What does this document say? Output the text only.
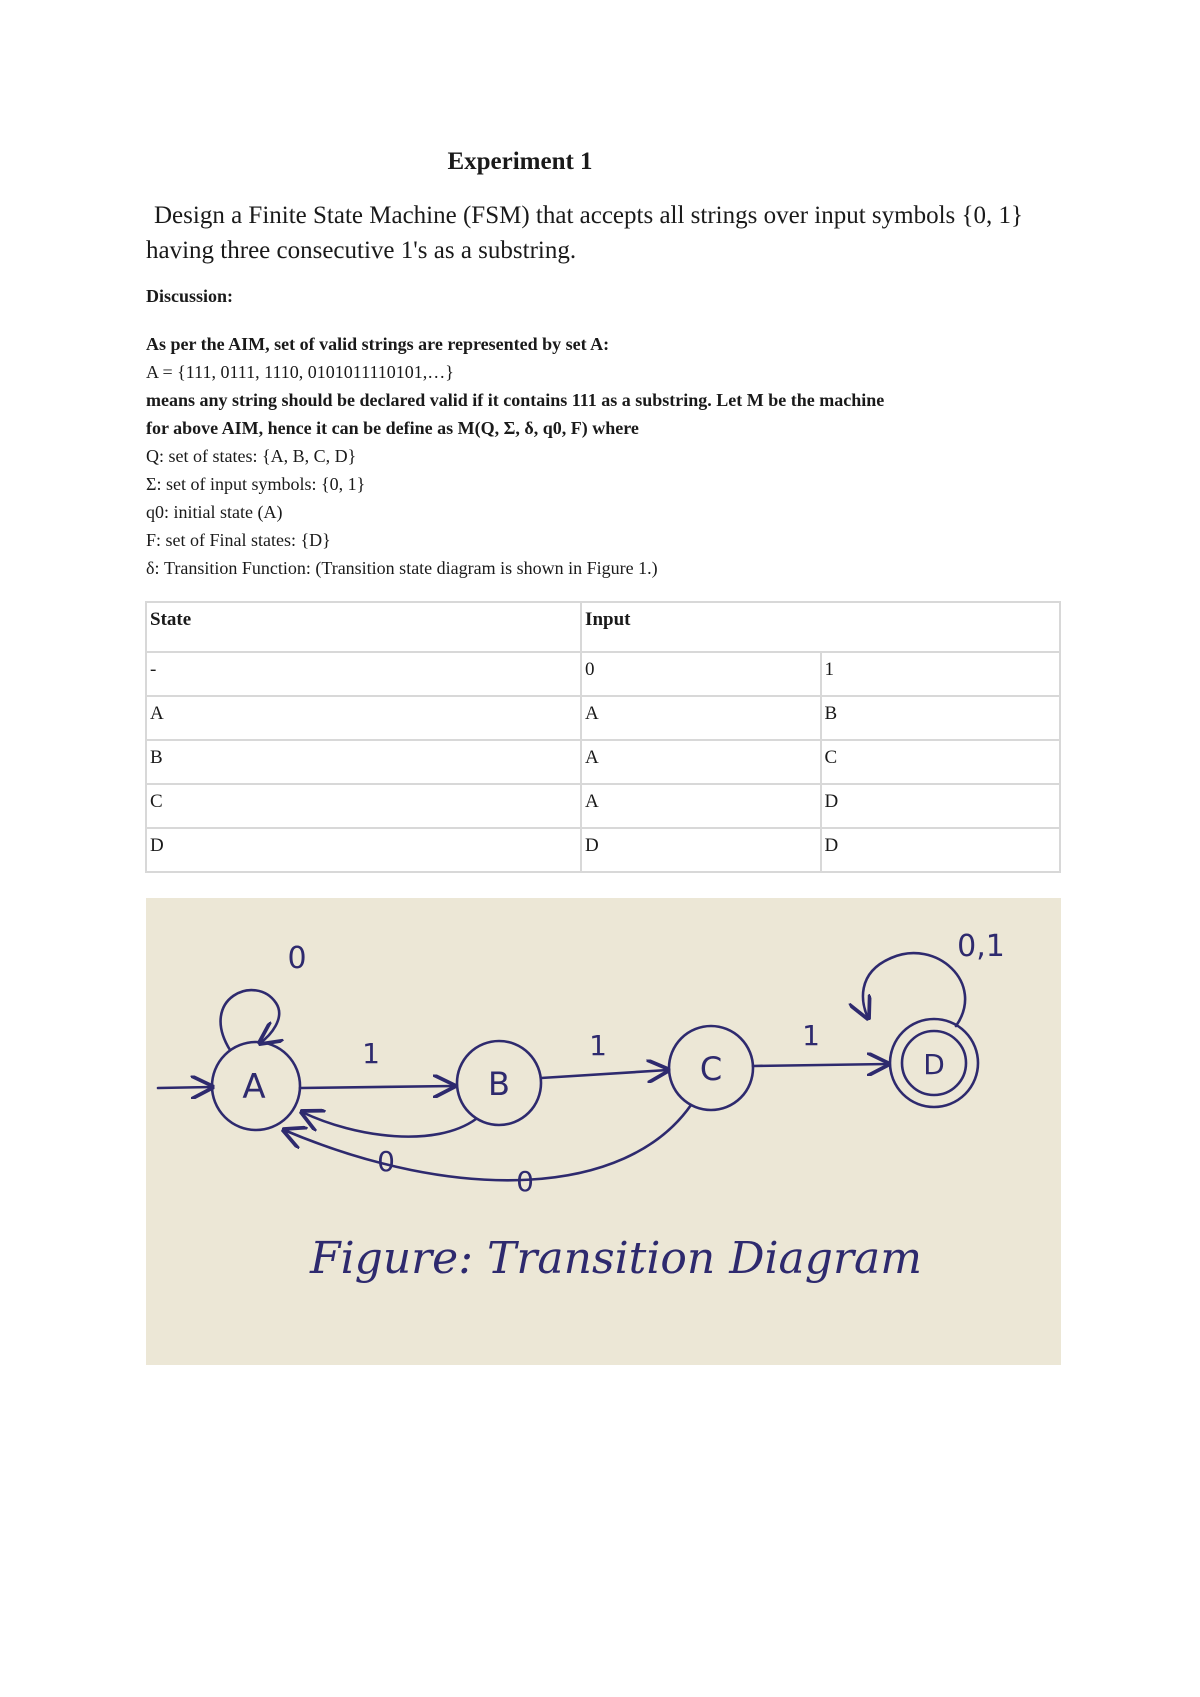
Experiment 1
Design a Finite State Machine (FSM) that accepts all strings over input symbols {0, 1} having three consecutive 1's as a substring.
Discussion:
As per the AIM, set of valid strings are represented by set A:
A = {111, 0111, 1110, 0101011110101,…}
means any string should be declared valid if it contains 111 as a substring. Let M be the machine
for above AIM, hence it can be define as M(Q, Σ, δ, q0, F) where
Q: set of states: {A, B, C, D}
Σ: set of input symbols: {0, 1}
q0: initial state (A)
F: set of Final states: {D}
δ: Transition Function: (Transition state diagram is shown in Figure 1.)
State	Input	
-	0	1
A	A	B
B	A	C
C	A	D
D	D	D
A	B	C	D
0
1	1	1
0,1
0
0
Figure: Transition Diagram
